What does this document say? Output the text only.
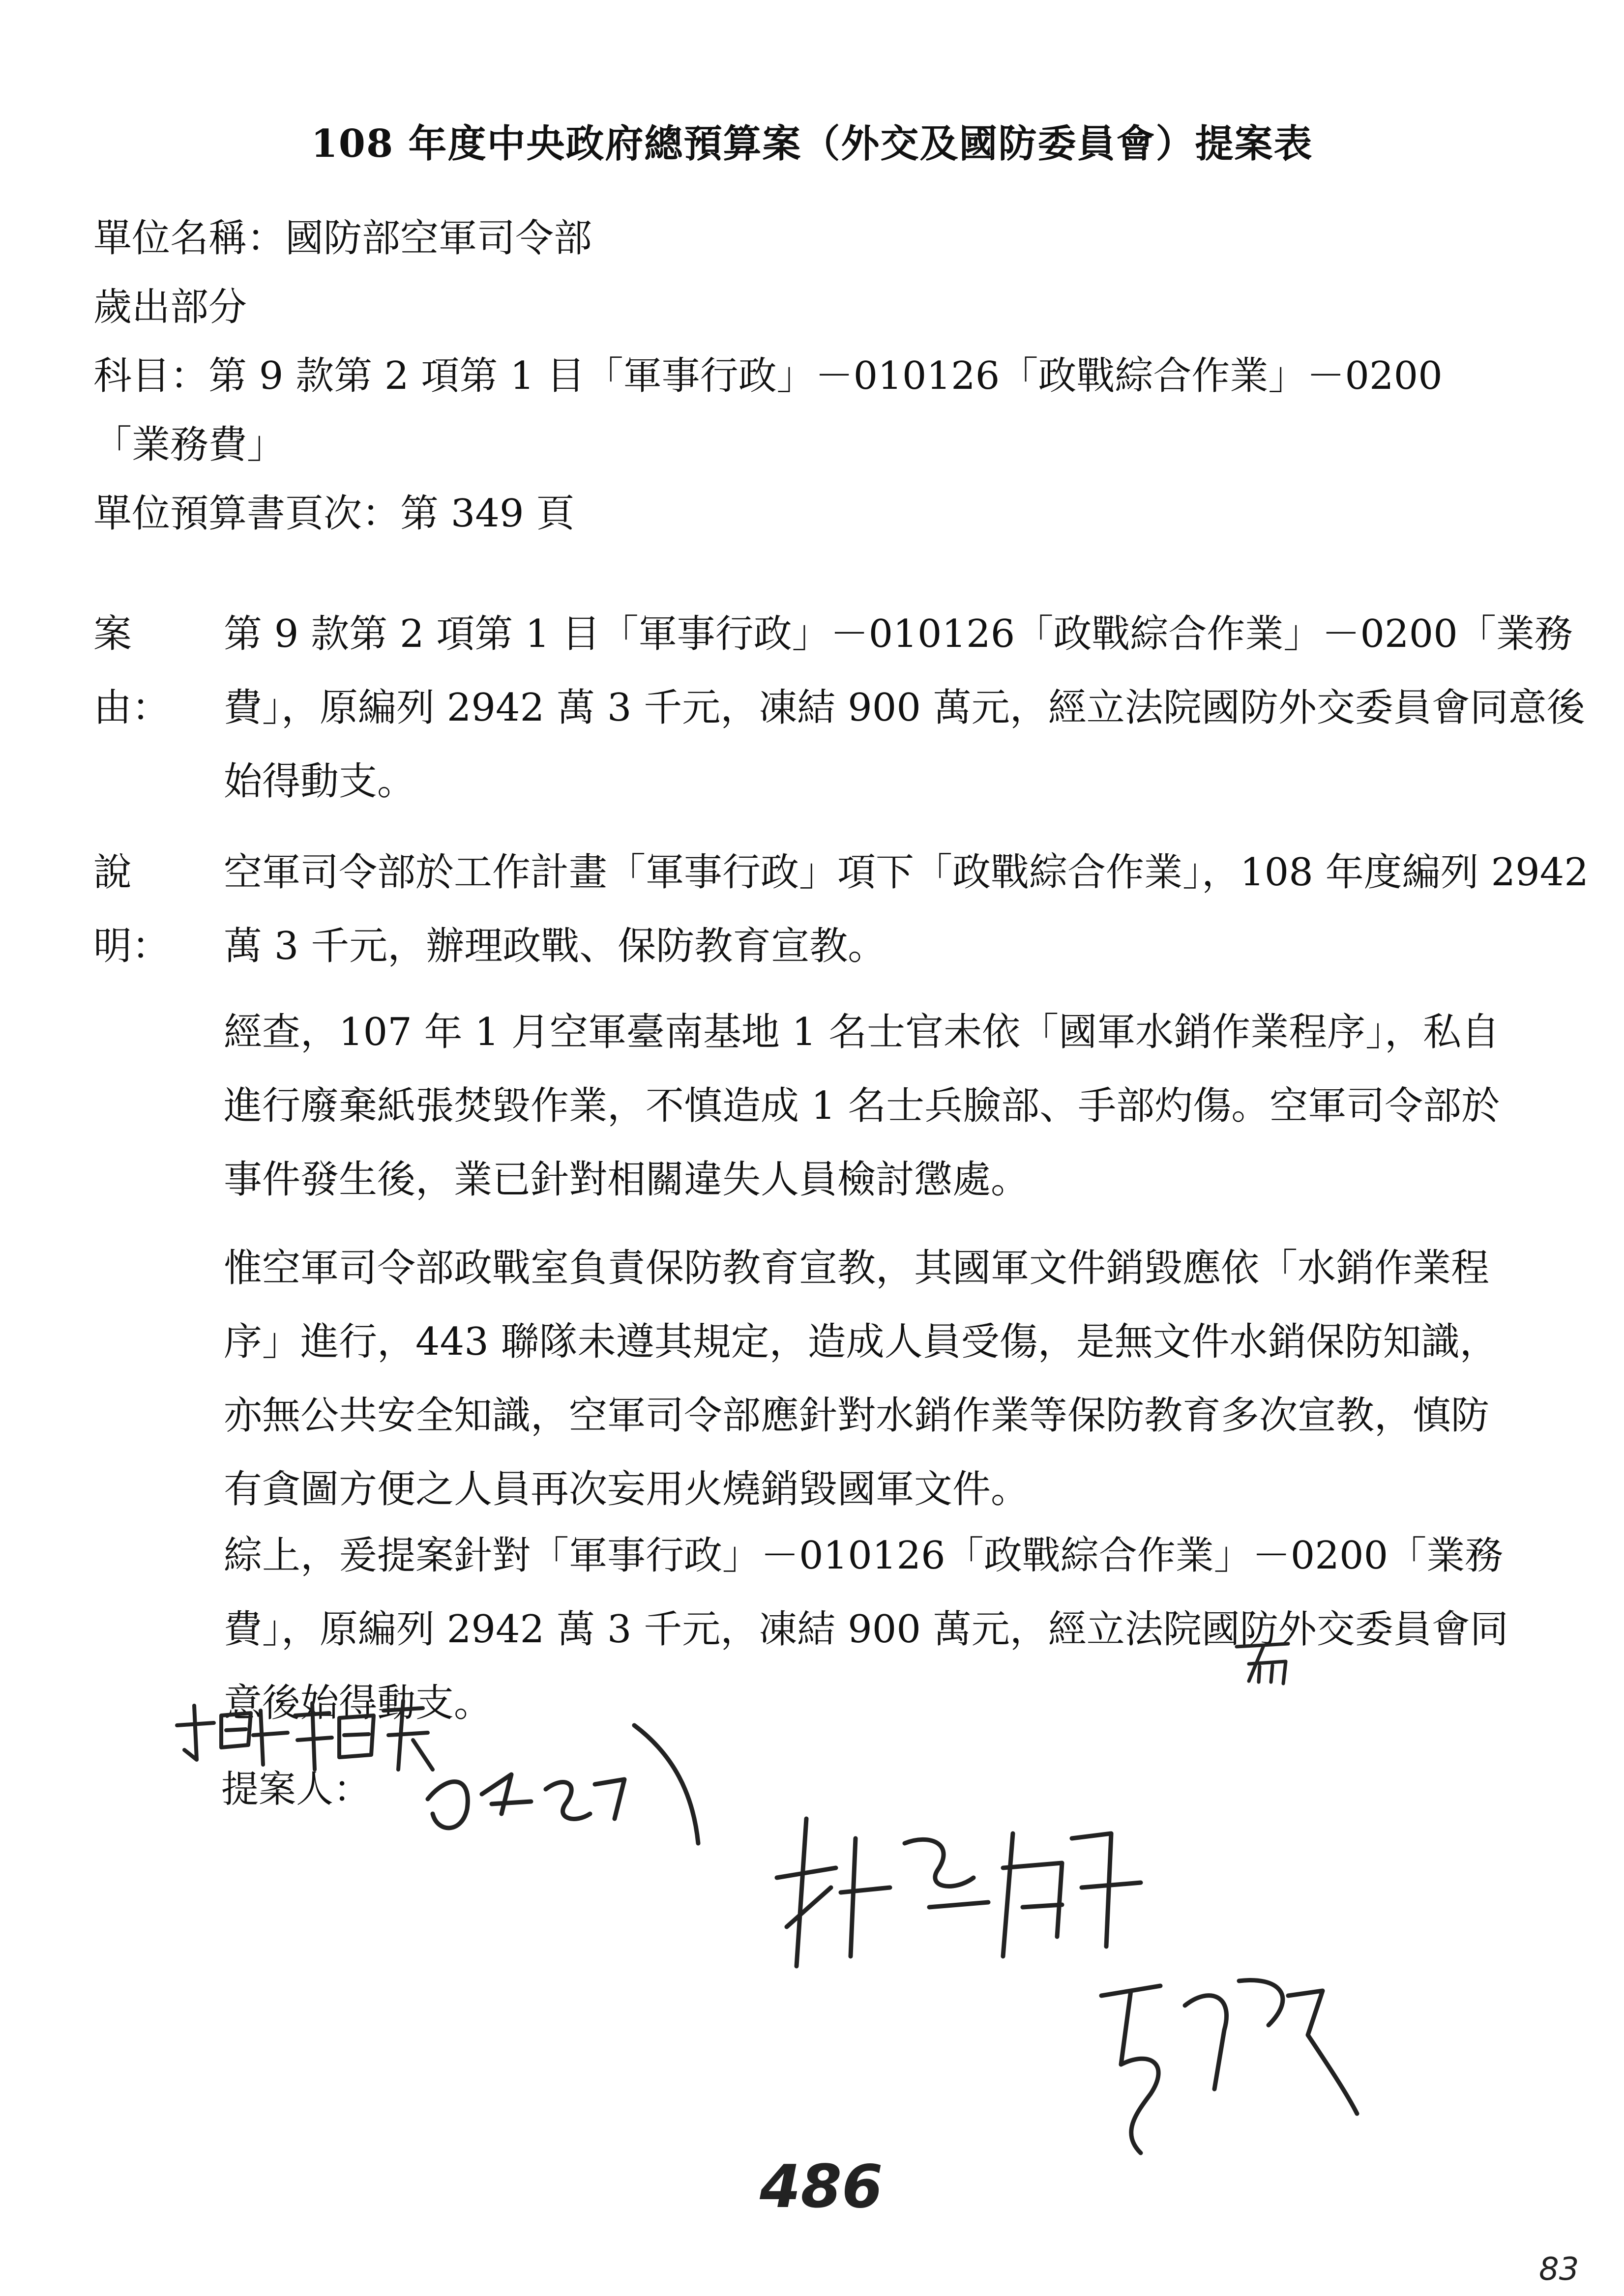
108 年度中央政府總預算案（外交及國防委員會）提案表
單位名稱：國防部空軍司令部
歲出部分
科目：第 9 款第 2 項第 1 目「軍事行政」－010126「政戰綜合作業」－0200
「業務費」
單位預算書頁次：第 349 頁
案由：
第 9 款第 2 項第 1 目「軍事行政」－010126「政戰綜合作業」－0200「業務費」，原編列 2942 萬 3 千元，凍結 900 萬元，經立法院國防外交委員會同意後始得動支。
說明：
空軍司令部於工作計畫「軍事行政」項下「政戰綜合作業」，108 年度編列 2942 萬 3 千元，辦理政戰、保防教育宣教。
經查，107 年 1 月空軍臺南基地 1 名士官未依「國軍水銷作業程序」，私自進行廢棄紙張焚毀作業，不慎造成 1 名士兵臉部、手部灼傷。空軍司令部於事件發生後，業已針對相關違失人員檢討懲處。
惟空軍司令部政戰室負責保防教育宣教，其國軍文件銷毀應依「水銷作業程序」進行，443 聯隊未遵其規定，造成人員受傷，是無文件水銷保防知識，亦無公共安全知識，空軍司令部應針對水銷作業等保防教育多次宣教，慎防有貪圖方便之人員再次妄用火燒銷毀國軍文件。
綜上，爰提案針對「軍事行政」－010126「政戰綜合作業」－0200「業務費」，原編列 2942 萬 3 千元，凍結 900 萬元，經立法院國防外交委員會同意後始得動支。
提案人：
486
83
